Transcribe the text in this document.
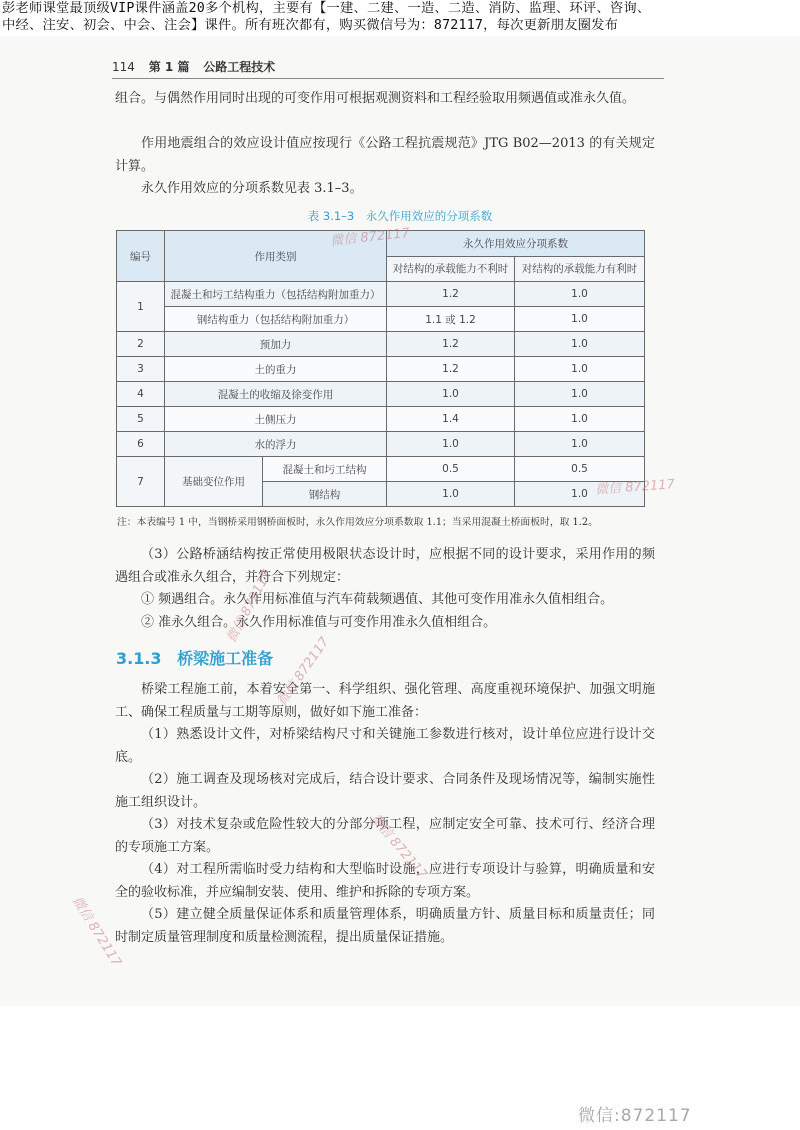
彭老师课堂最顶级VIP课件涵盖20多个机构，主要有【一建、二建、一造、二造、消防、监理、环评、咨询、
中经、注安、初会、中会、注会】课件。所有班次都有，购买微信号为：872117，每次更新朋友圈发布
114 第 1 篇 公路工程技术
组合。与偶然作用同时出现的可变作用可根据观测资料和工程经验取用频遇值或准永久值。
作用地震组合的效应设计值应按现行《公路工程抗震规范》JTG B02—2013 的有关规定计算。
永久作用效应的分项系数见表 3.1–3。
表 3.1–3　永久作用效应的分项系数
编号	作用类别		永久作用效应分项系数	
			对结构的承载能力不利时	对结构的承载能力有利时
1	混凝土和圬工结构重力（包括结构附加重力）		1.2	1.0
	钢结构重力（包括结构附加重力）		1.1 或 1.2	1.0
2	预加力		1.2	1.0
3	土的重力		1.2	1.0
4	混凝土的收缩及徐变作用		1.0	1.0
5	土侧压力		1.4	1.0
6	水的浮力		1.0	1.0
7	基础变位作用	混凝土和圬工结构	0.5	0.5
		钢结构	1.0	1.0
注：本表编号 1 中，当钢桥采用钢桥面板时，永久作用效应分项系数取 1.1；当采用混凝土桥面板时，取 1.2。
（3）公路桥涵结构按正常使用极限状态设计时，应根据不同的设计要求，采用作用的频遇组合或准永久组合，并符合下列规定：
① 频遇组合。永久作用标准值与汽车荷载频遇值、其他可变作用准永久值相组合。
② 准永久组合。永久作用标准值与可变作用准永久值相组合。
3.1.3 桥梁施工准备
桥梁工程施工前，本着安全第一、科学组织、强化管理、高度重视环境保护、加强文明施工、确保工程质量与工期等原则，做好如下施工准备：
（1）熟悉设计文件，对桥梁结构尺寸和关键施工参数进行核对，设计单位应进行设计交底。
（2）施工调查及现场核对完成后，结合设计要求、合同条件及现场情况等，编制实施性施工组织设计。
（3）对技术复杂或危险性较大的分部分项工程，应制定安全可靠、技术可行、经济合理的专项施工方案。
（4）对工程所需临时受力结构和大型临时设施，应进行专项设计与验算，明确质量和安全的验收标准，并应编制安装、使用、维护和拆除的专项方案。
（5）建立健全质量保证体系和质量管理体系，明确质量方针、质量目标和质量责任；同时制定质量管理制度和质量检测流程，提出质量保证措施。
微信 872117
微信 872117
微信 872117
微信 872117
微信 872117
微信 872117
微信:872117
